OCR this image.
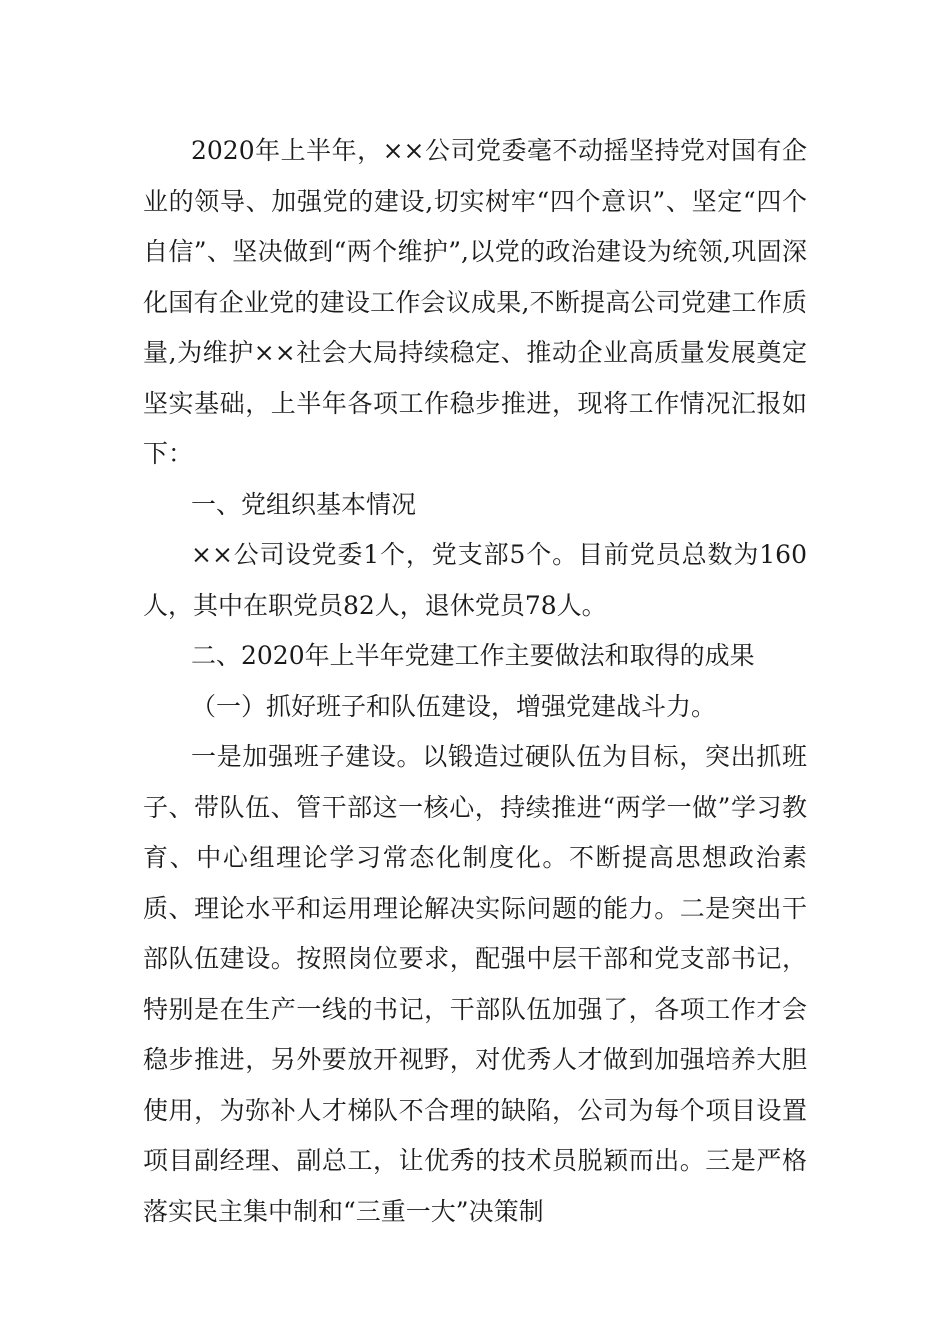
2020年上半年，××公司党委毫不动摇坚持党对国有企业的领导、加强党的建设,切实树牢“四个意识”、坚定“四个自信”、坚决做到“两个维护”,以党的政治建设为统领,巩固深化国有企业党的建设工作会议成果,不断提高公司党建工作质量,为维护××社会大局持续稳定、推动企业高质量发展奠定坚实基础，上半年各项工作稳步推进，现将工作情况汇报如下：

一、党组织基本情况

××公司设党委1个，党支部5个。目前党员总数为160人，其中在职党员82人，退休党员78人。

二、2020年上半年党建工作主要做法和取得的成果

（一）抓好班子和队伍建设，增强党建战斗力。

一是加强班子建设。以锻造过硬队伍为目标，突出抓班子、带队伍、管干部这一核心，持续推进“两学一做”学习教育、中心组理论学习常态化制度化。不断提高思想政治素质、理论水平和运用理论解决实际问题的能力。二是突出干部队伍建设。按照岗位要求，配强中层干部和党支部书记，特别是在生产一线的书记，干部队伍加强了，各项工作才会稳步推进，另外要放开视野，对优秀人才做到加强培养大胆使用，为弥补人才梯队不合理的缺陷，公司为每个项目设置项目副经理、副总工，让优秀的技术员脱颖而出。三是严格落实民主集中制和“三重一大”决策制
